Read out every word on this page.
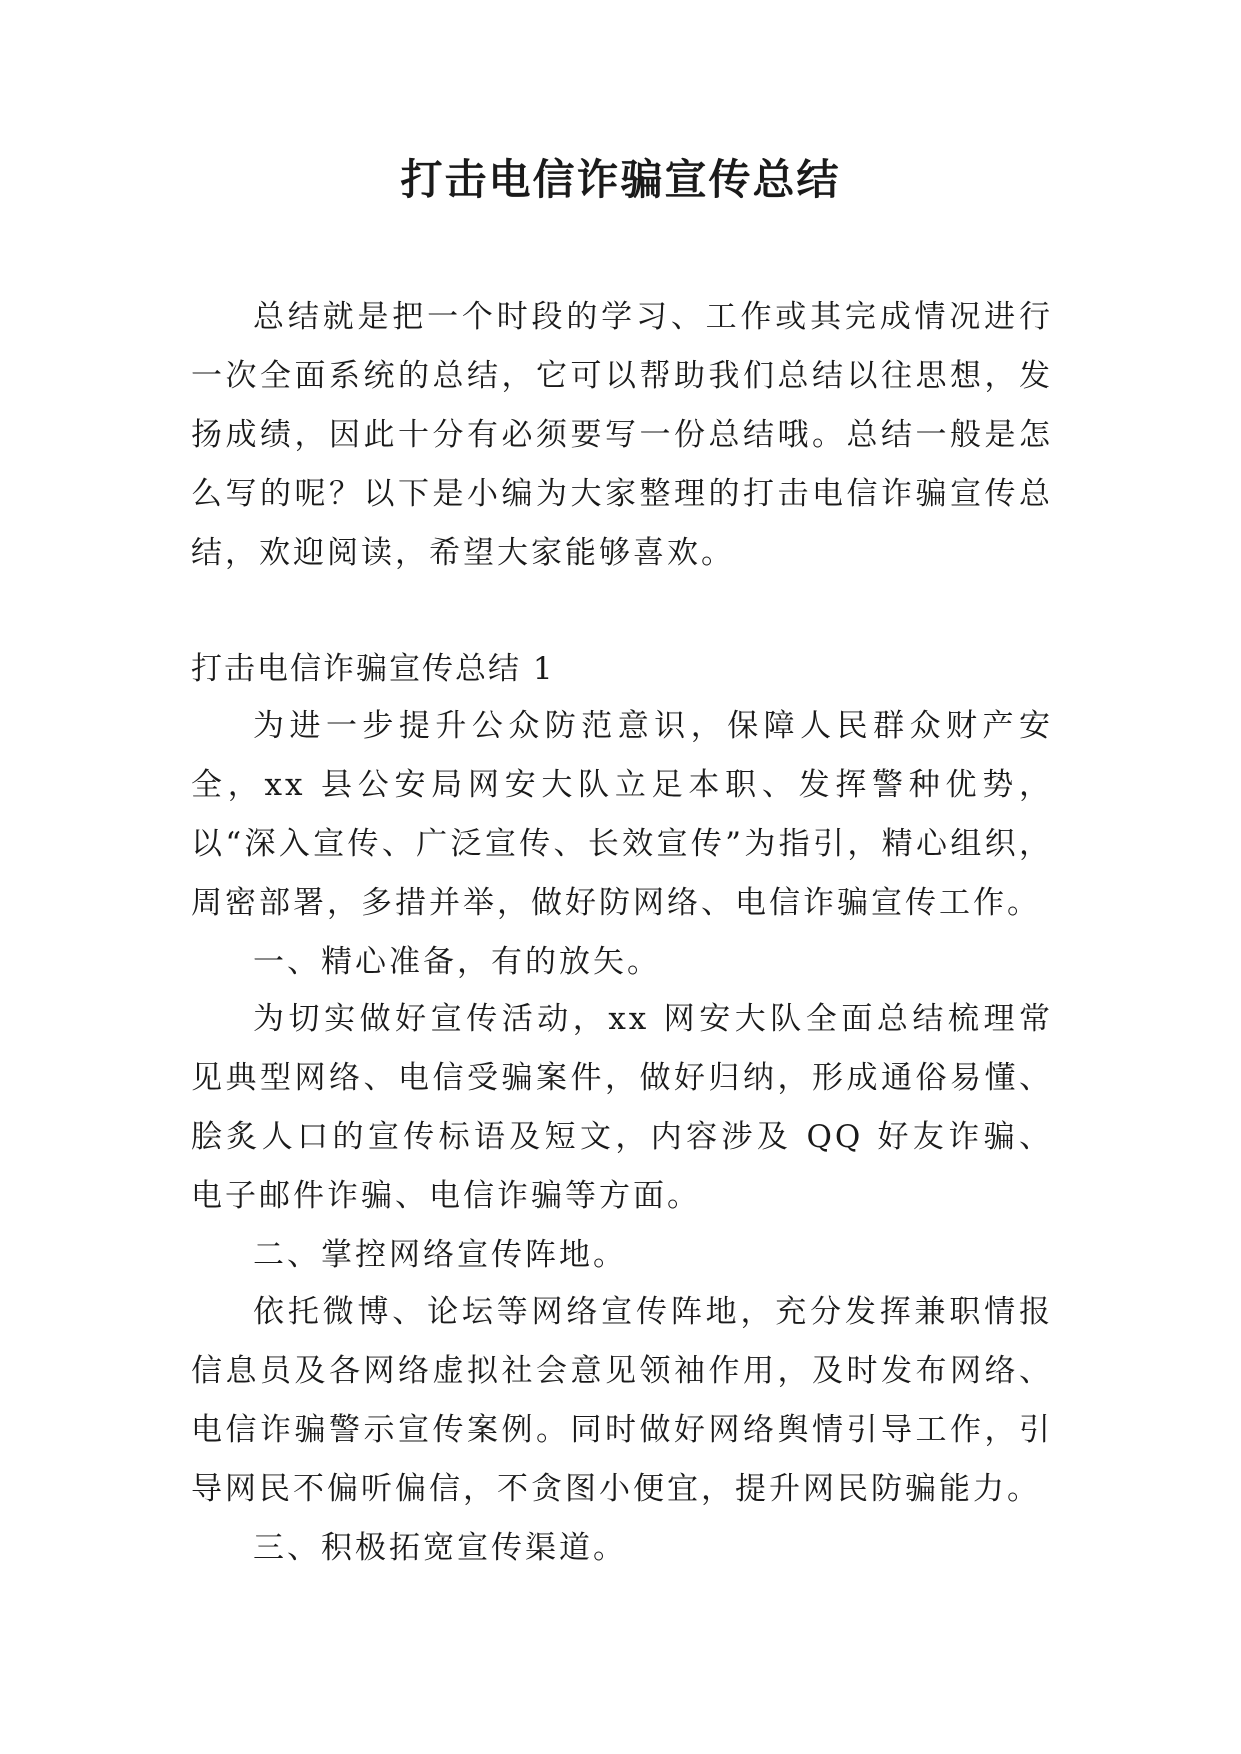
打击电信诈骗宣传总结

总结就是把一个时段的学习、工作或其完成情况进行一次全面系统的总结，它可以帮助我们总结以往思想，发扬成绩，因此十分有必须要写一份总结哦。总结一般是怎么写的呢？以下是小编为大家整理的打击电信诈骗宣传总结，欢迎阅读，希望大家能够喜欢。

打击电信诈骗宣传总结 1

为进一步提升公众防范意识，保障人民群众财产安全，xx 县公安局网安大队立足本职、发挥警种优势，以“深入宣传、广泛宣传、长效宣传”为指引，精心组织，周密部署，多措并举，做好防网络、电信诈骗宣传工作。

一、精心准备，有的放矢。

为切实做好宣传活动，xx 网安大队全面总结梳理常见典型网络、电信受骗案件，做好归纳，形成通俗易懂、脍炙人口的宣传标语及短文，内容涉及 QQ 好友诈骗、电子邮件诈骗、电信诈骗等方面。

二、掌控网络宣传阵地。

依托微博、论坛等网络宣传阵地，充分发挥兼职情报信息员及各网络虚拟社会意见领袖作用，及时发布网络、电信诈骗警示宣传案例。同时做好网络舆情引导工作，引导网民不偏听偏信，不贪图小便宜，提升网民防骗能力。

三、积极拓宽宣传渠道。
